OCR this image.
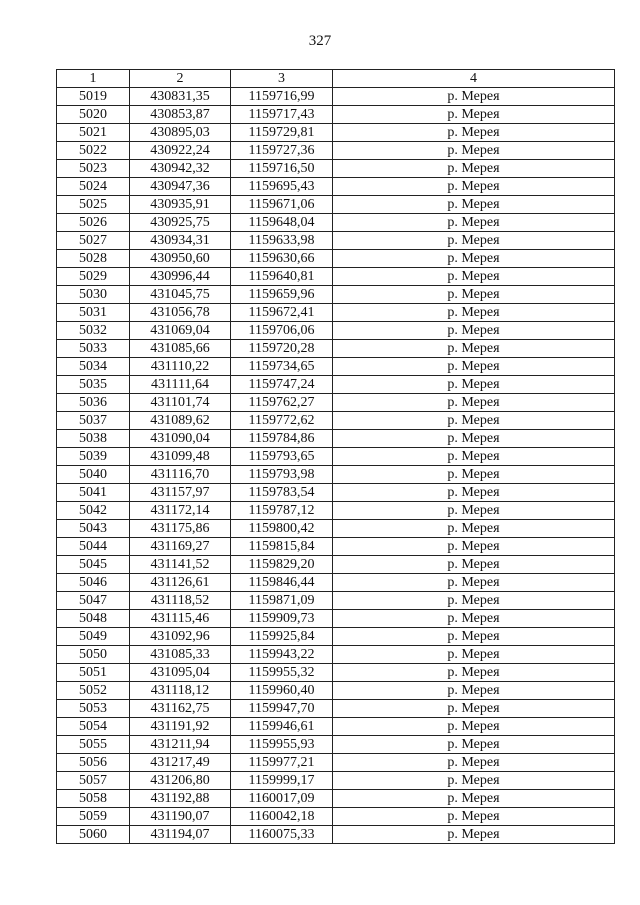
327
1	2	3	4
5019	430831,35	1159716,99	р. Мерея
5020	430853,87	1159717,43	р. Мерея
5021	430895,03	1159729,81	р. Мерея
5022	430922,24	1159727,36	р. Мерея
5023	430942,32	1159716,50	р. Мерея
5024	430947,36	1159695,43	р. Мерея
5025	430935,91	1159671,06	р. Мерея
5026	430925,75	1159648,04	р. Мерея
5027	430934,31	1159633,98	р. Мерея
5028	430950,60	1159630,66	р. Мерея
5029	430996,44	1159640,81	р. Мерея
5030	431045,75	1159659,96	р. Мерея
5031	431056,78	1159672,41	р. Мерея
5032	431069,04	1159706,06	р. Мерея
5033	431085,66	1159720,28	р. Мерея
5034	431110,22	1159734,65	р. Мерея
5035	431111,64	1159747,24	р. Мерея
5036	431101,74	1159762,27	р. Мерея
5037	431089,62	1159772,62	р. Мерея
5038	431090,04	1159784,86	р. Мерея
5039	431099,48	1159793,65	р. Мерея
5040	431116,70	1159793,98	р. Мерея
5041	431157,97	1159783,54	р. Мерея
5042	431172,14	1159787,12	р. Мерея
5043	431175,86	1159800,42	р. Мерея
5044	431169,27	1159815,84	р. Мерея
5045	431141,52	1159829,20	р. Мерея
5046	431126,61	1159846,44	р. Мерея
5047	431118,52	1159871,09	р. Мерея
5048	431115,46	1159909,73	р. Мерея
5049	431092,96	1159925,84	р. Мерея
5050	431085,33	1159943,22	р. Мерея
5051	431095,04	1159955,32	р. Мерея
5052	431118,12	1159960,40	р. Мерея
5053	431162,75	1159947,70	р. Мерея
5054	431191,92	1159946,61	р. Мерея
5055	431211,94	1159955,93	р. Мерея
5056	431217,49	1159977,21	р. Мерея
5057	431206,80	1159999,17	р. Мерея
5058	431192,88	1160017,09	р. Мерея
5059	431190,07	1160042,18	р. Мерея
5060	431194,07	1160075,33	р. Мерея
